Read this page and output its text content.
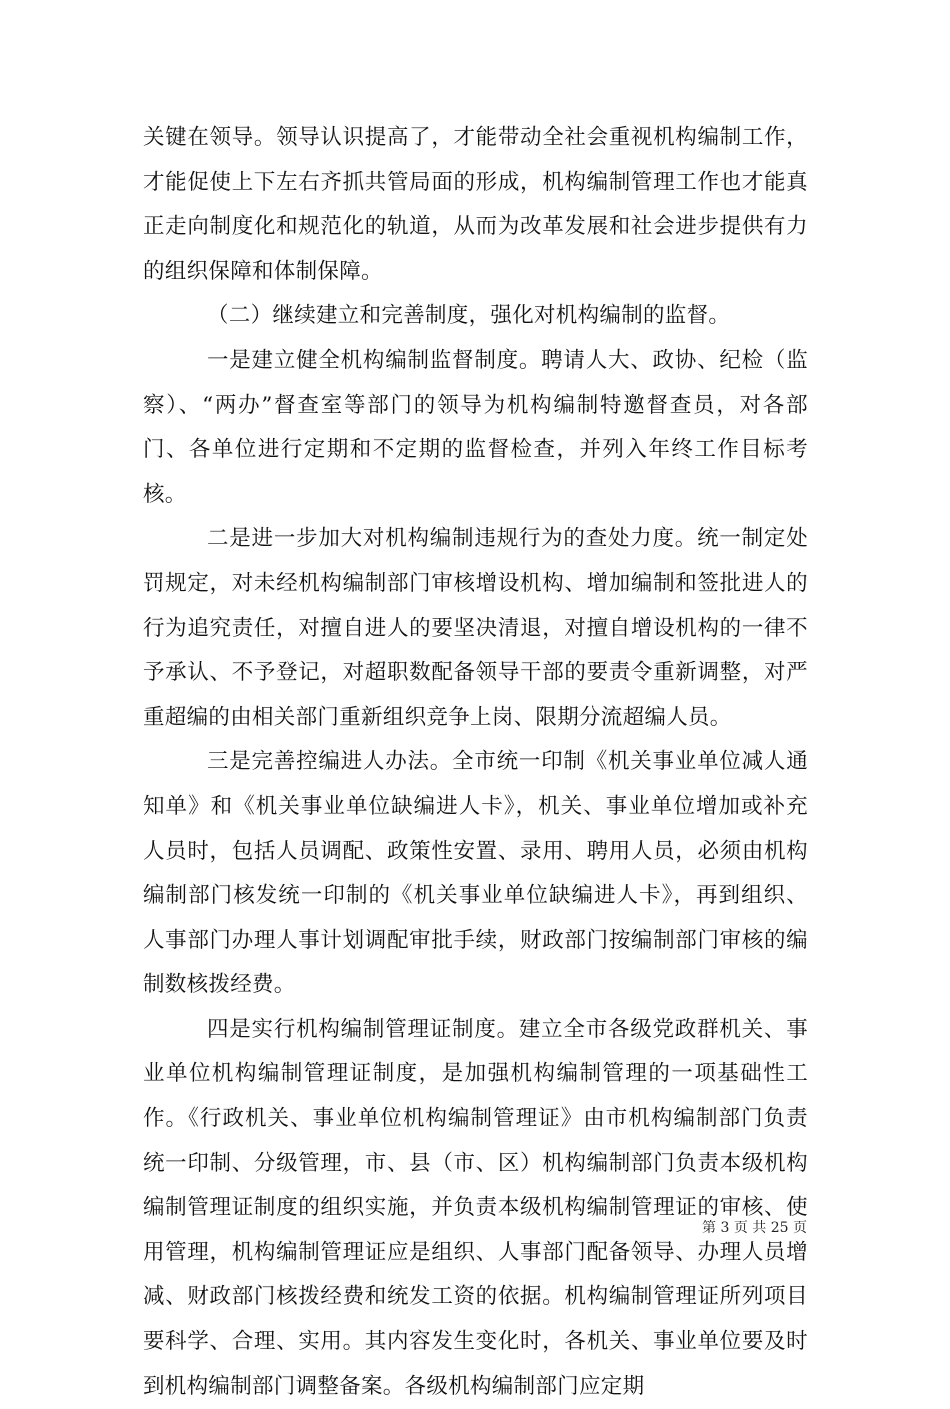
关键在领导。领导认识提高了，才能带动全社会重视机构编制工作，才能促使上下左右齐抓共管局面的形成，机构编制管理工作也才能真正走向制度化和规范化的轨道，从而为改革发展和社会进步提供有力的组织保障和体制保障。

（二）继续建立和完善制度，强化对机构编制的监督。

一是建立健全机构编制监督制度。聘请人大、政协、纪检（监察）、“两办”督查室等部门的领导为机构编制特邀督查员，对各部门、各单位进行定期和不定期的监督检查，并列入年终工作目标考核。

二是进一步加大对机构编制违规行为的查处力度。统一制定处罚规定，对未经机构编制部门审核增设机构、增加编制和签批进人的行为追究责任，对擅自进人的要坚决清退，对擅自增设机构的一律不予承认、不予登记，对超职数配备领导干部的要责令重新调整，对严重超编的由相关部门重新组织竞争上岗、限期分流超编人员。

三是完善控编进人办法。全市统一印制《机关事业单位减人通知单》和《机关事业单位缺编进人卡》，机关、事业单位增加或补充人员时，包括人员调配、政策性安置、录用、聘用人员，必须由机构编制部门核发统一印制的《机关事业单位缺编进人卡》，再到组织、人事部门办理人事计划调配审批手续，财政部门按编制部门审核的编制数核拨经费。

四是实行机构编制管理证制度。建立全市各级党政群机关、事业单位机构编制管理证制度，是加强机构编制管理的一项基础性工作。《行政机关、事业单位机构编制管理证》由市机构编制部门负责统一印制、分级管理，市、县（市、区）机构编制部门负责本级机构编制管理证制度的组织实施，并负责本级机构编制管理证的审核、使用管理，机构编制管理证应是组织、人事部门配备领导、办理人员增减、财政部门核拨经费和统发工资的依据。机构编制管理证所列项目要科学、合理、实用。其内容发生变化时，各机关、事业单位要及时到机构编制部门调整备案。各级机构编制部门应定期

第 3 页 共 25 页
